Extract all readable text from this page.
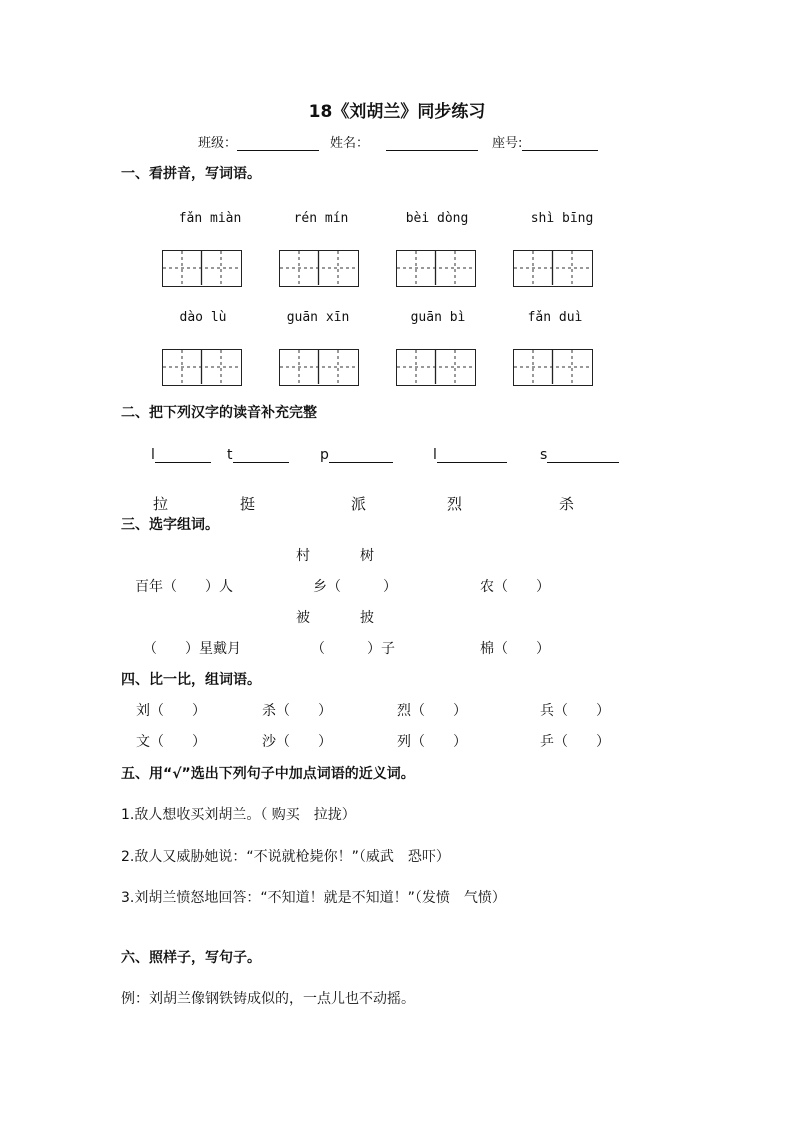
18《刘胡兰》同步练习
班级：	姓名：	座号:
一、看拼音，写词语。
fǎn miàn	rén mín	bèi dòng	shì bīng
dào lù	guān xīn	guān bì	fǎn duì
二、把下列汉字的读音补充完整
l	t	p	l	s
拉	挺	派	烈	杀
三、选字组词。
村	树
百年（　　）人	乡（　　　）	农（　　）
被	披
（　　）星戴月	（　　　）子	棉（　　）
四、比一比，组词语。
刘（　　）	杀（　　）	烈（　　）	兵（　　）
文（　　）	沙（　　）	列（　　）	乒（　　）
五、用“√”选出下列句子中加点词语的近义词。
1.敌人想收买刘胡兰。（ 购买　拉拢）
2.敌人又威胁她说：“不说就枪毙你！”（威武　恐吓）
3.刘胡兰愤怒地回答：“不知道！就是不知道！”（发愤　气愤）
六、照样子，写句子。
例：刘胡兰像钢铁铸成似的，一点儿也不动摇。
